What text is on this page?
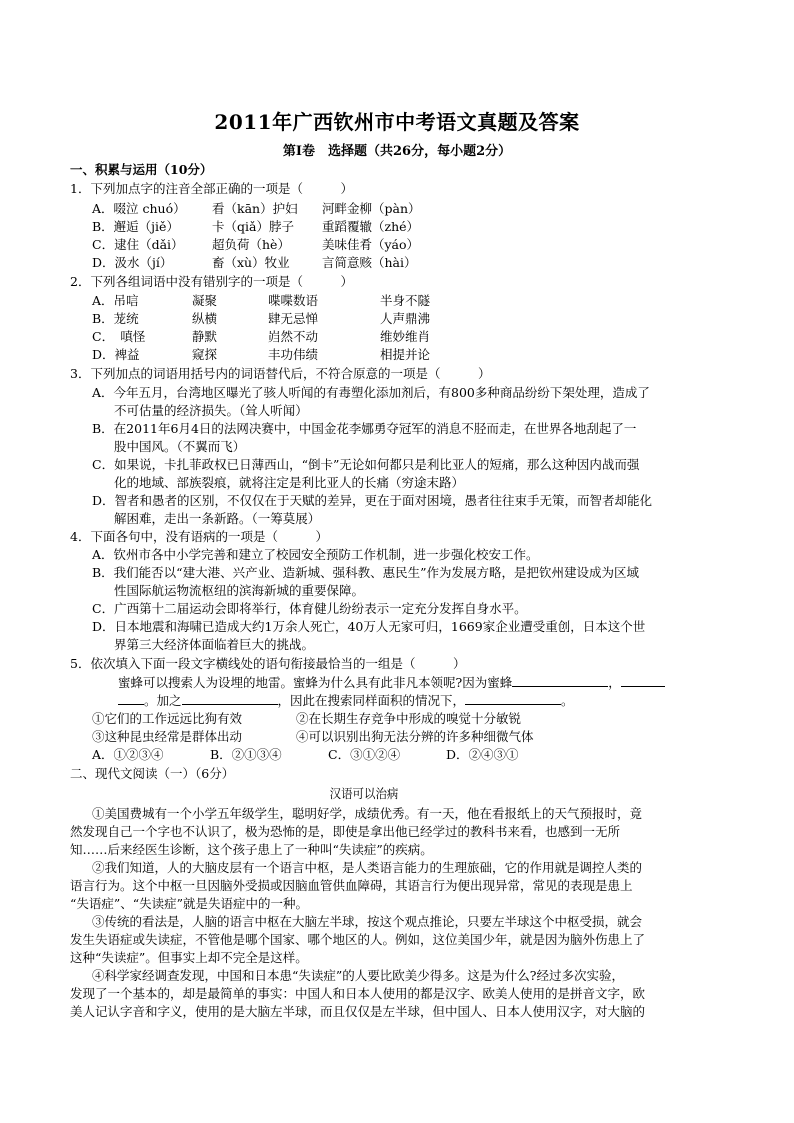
2011年广西钦州市中考语文真题及答案
第Ⅰ卷　选择题（共26分，每小题2分）
一、积累与运用（10分）
1．下列加点字的注音全部正确的一项是（　　　）
A．啜泣 chuó）	看（kān）护妇	河畔金柳（pàn）
B．邂逅（jiě）	卡（qiǎ）脖子	重蹈覆辙（zhé）
C．逮住（dǎi）	超负荷（hè）	美味佳肴（yáo）
D．汲水（jí）	畜（xù）牧业	言简意赅（hài）
2．下列各组词语中没有错别字的一项是（　　　）
A．吊唁	凝聚	喋喋数语	半身不隧
B．茏统	纵横	肆无忌惮	人声鼎沸
C．　嗔怪	静默	岿然不动	维妙维肖
D．裨益	窥探	丰功伟绩	相提并论
3．下列加点的词语用括号内的词语替代后，不符合原意的一项是（　　　）
A．今年五月，台湾地区曝光了骇人听闻的有毒塑化添加剂后，有800多种商品纷纷下架处理，造成了
不可估量的经济损失。（耸人听闻）
B．在2011年6月4日的法网决赛中，中国金花李娜勇夺冠军的消息不胫而走，在世界各地刮起了一
股中国风。（不翼而飞）
C．如果说，卡扎菲政权已日薄西山，“倒卡”无论如何都只是利比亚人的短痛，那么这种因内战而强
化的地域、部族裂痕，就将注定是利比亚人的长痛（穷途末路）
D．智者和愚者的区别，不仅仅在于天赋的差异，更在于面对困境，愚者往往束手无策，而智者却能化
解困难，走出一条新路。（一筹莫展）
4．下面各句中，没有语病的一项是（　　　）
A．钦州市各中小学完善和建立了校园安全预防工作机制，进一步强化校安工作。
B．我们能否以“建大港、兴产业、造新城、强科教、惠民生”作为发展方略，是把钦州建设成为区域
性国际航运物流枢纽的滨海新城的重要保障。
C．广西第十二届运动会即将举行，体育健儿纷纷表示一定充分发挥自身水平。
D．日本地震和海啸已造成大约1万余人死亡，40万人无家可归，1669家企业遭受重创，日本这个世
界第三大经济体面临着巨大的挑战。
5．依次填入下面一段文字横线处的语句衔接最恰当的一组是（　　　）
蜜蜂可以搜索人为设埋的地雷。蜜蜂为什么具有此非凡本领呢?因为蜜蜂	，
。加之	，因此在搜索同样面积的情况下，	。
①它们的工作远远比狗有效	②在长期生存竞争中形成的嗅觉十分敏锐
③这种昆虫经常是群体出动	④可以识别出狗无法分辨的许多种细微气体
A．①②③④	B．②①③④	C．③①②④	D．②④③①
二、现代文阅读（一）（6分）
汉语可以治病
①美国费城有一个小学五年级学生，聪明好学，成绩优秀。有一天，他在看报纸上的天气预报时，竟
然发现自己一个字也不认识了，极为恐怖的是，即使是拿出他已经学过的教科书来看，也感到一无所
知……后来经医生诊断，这个孩子患上了一种叫“失读症”的疾病。
②我们知道，人的大脑皮层有一个语言中枢，是人类语言能力的生理旅础，它的作用就是调控人类的
语言行为。这个中枢一旦因脑外受损或因脑血管供血障碍，其语言行为便出现异常，常见的表现是患上
“失语症”、“失读症”就是失语症中的一种。
③传统的看法是，人脑的语言中枢在大脑左半球，按这个观点推论，只要左半球这个中枢受损，就会
发生失语症或失读症，不管他是哪个国家、哪个地区的人。例如，这位美国少年，就是因为脑外伤患上了
这种“失读症”。但事实上却不完全是这样。
④科学家经调查发现，中国和日本患“失读症”的人要比欧美少得多。这是为什么?经过多次实验，
发现了一个基本的，却是最简单的事实：中国人和日本人使用的都是汉字、欧美人使用的是拼音文字，欧
美人记认字音和字义，使用的是大脑左半球，而且仅仅是左半球，但中国人、日本人使用汉字，对大脑的
